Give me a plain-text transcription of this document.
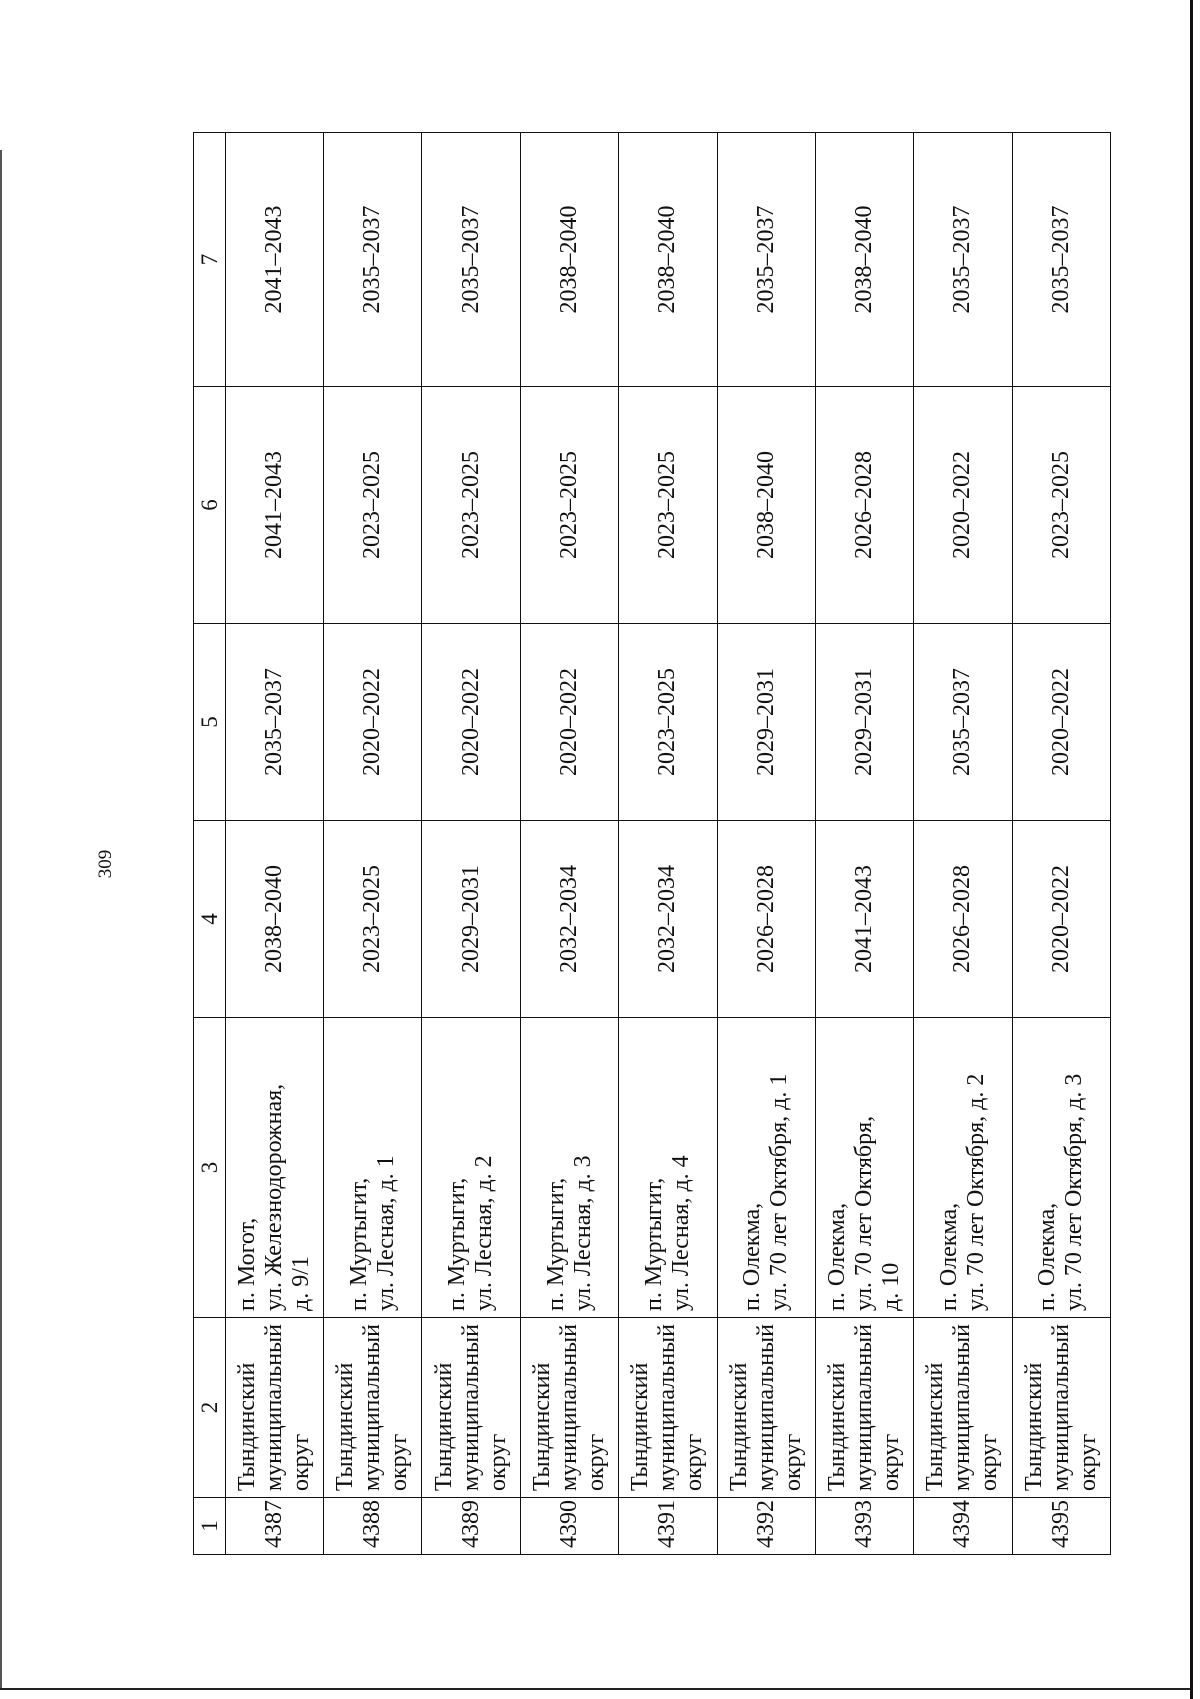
309
1	2	3	4	5	6	7
4387	Тындинский муниципальный округ	п. Могот, ул. Железнодорожная, д. 9/1	2038–2040	2035–2037	2041–2043	2041–2043
4388	Тындинский муниципальный округ	п. Муртыгит, ул. Лесная, д. 1	2023–2025	2020–2022	2023–2025	2035–2037
4389	Тындинский муниципальный округ	п. Муртыгит, ул. Лесная, д. 2	2029–2031	2020–2022	2023–2025	2035–2037
4390	Тындинский муниципальный округ	п. Муртыгит, ул. Лесная, д. 3	2032–2034	2020–2022	2023–2025	2038–2040
4391	Тындинский муниципальный округ	п. Муртыгит, ул. Лесная, д. 4	2032–2034	2023–2025	2023–2025	2038–2040
4392	Тындинский муниципальный округ	п. Олекма, ул. 70 лет Октября, д. 1	2026–2028	2029–2031	2038–2040	2035–2037
4393	Тындинский муниципальный округ	п. Олекма, ул. 70 лет Октября, д. 10	2041–2043	2029–2031	2026–2028	2038–2040
4394	Тындинский муниципальный округ	п. Олекма, ул. 70 лет Октября, д. 2	2026–2028	2035–2037	2020–2022	2035–2037
4395	Тындинский муниципальный округ	п. Олекма, ул. 70 лет Октября, д. 3	2020–2022	2020–2022	2023–2025	2035–2037
